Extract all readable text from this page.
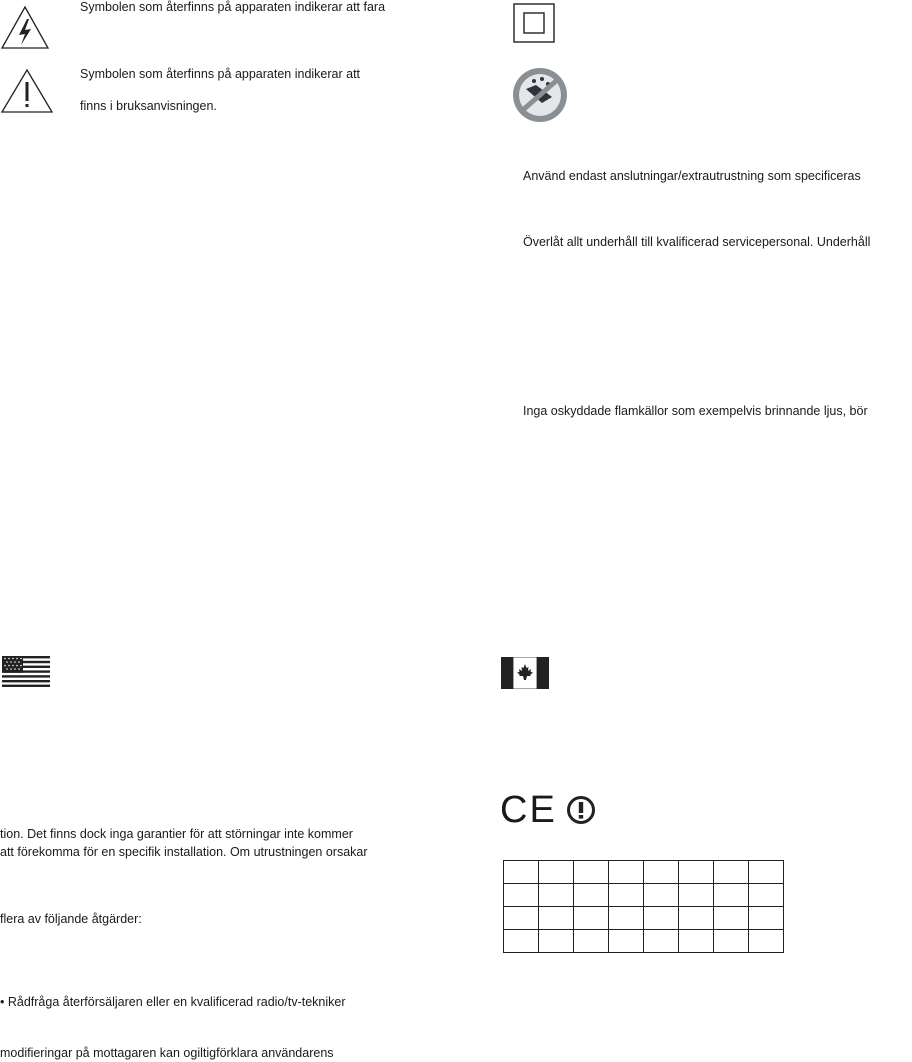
Symbolen som återfinns på apparaten indikerar att fara
Symbolen som återfinns på apparaten indikerar att
finns i bruksanvisningen.
tion. Det finns dock inga garantier för att störningar inte kommer
att förekomma för en specifik installation. Om utrustningen orsakar
flera av följande åtgärder:
• Rådfråga återförsäljaren eller en kvalificerad radio/tv-tekniker
modifieringar på mottagaren kan ogiltigförklara användarens
Använd endast anslutningar/extrautrustning som specificeras
Överlåt allt underhåll till kvalificerad servicepersonal. Underhåll
Inga oskyddade flamkällor som exempelvis brinnande ljus, bör
CE
